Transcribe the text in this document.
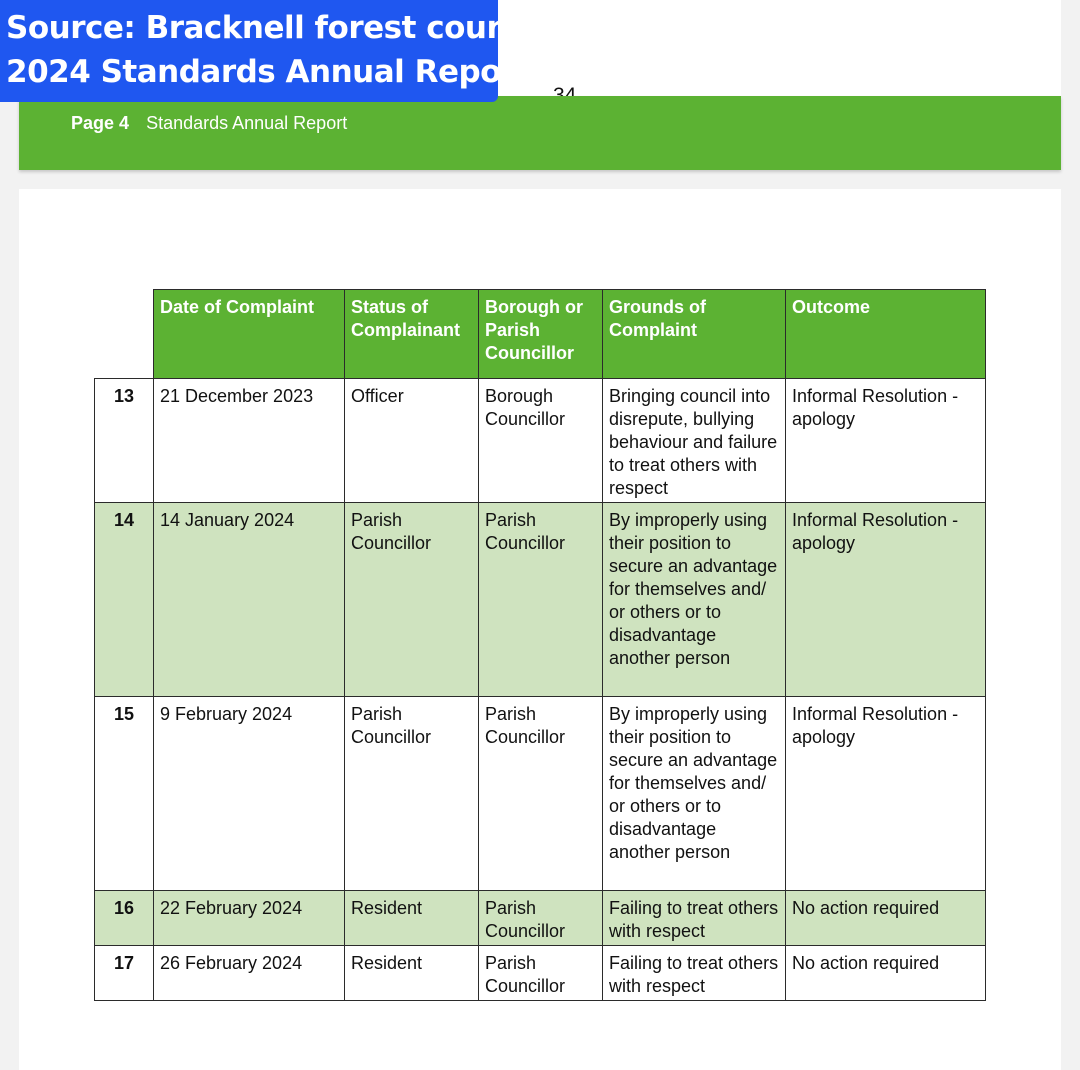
Page 4 Standards Annual Report
Source: Bracknell forest council
2024 Standards Annual Report
	Date of Complaint	Status of Complainant	Borough or Parish Councillor	Grounds of Complaint	Outcome
13	21 December 2023	Officer	Borough Councillor	Bringing council into disrepute, bullying behaviour and failure to treat others with respect	Informal Resolution - apology
14	14 January 2024	Parish Councillor	Parish Councillor	By improperly using their position to secure an advantage for themselves and/ or others or to disadvantage another person	Informal Resolution - apology
15	9 February 2024	Parish Councillor	Parish Councillor	By improperly using their position to secure an advantage for themselves and/ or others or to disadvantage another person	Informal Resolution - apology
16	22 February 2024	Resident	Parish Councillor	Failing to treat others with respect	No action required
17	26 February 2024	Resident	Parish Councillor	Failing to treat others with respect	No action required
